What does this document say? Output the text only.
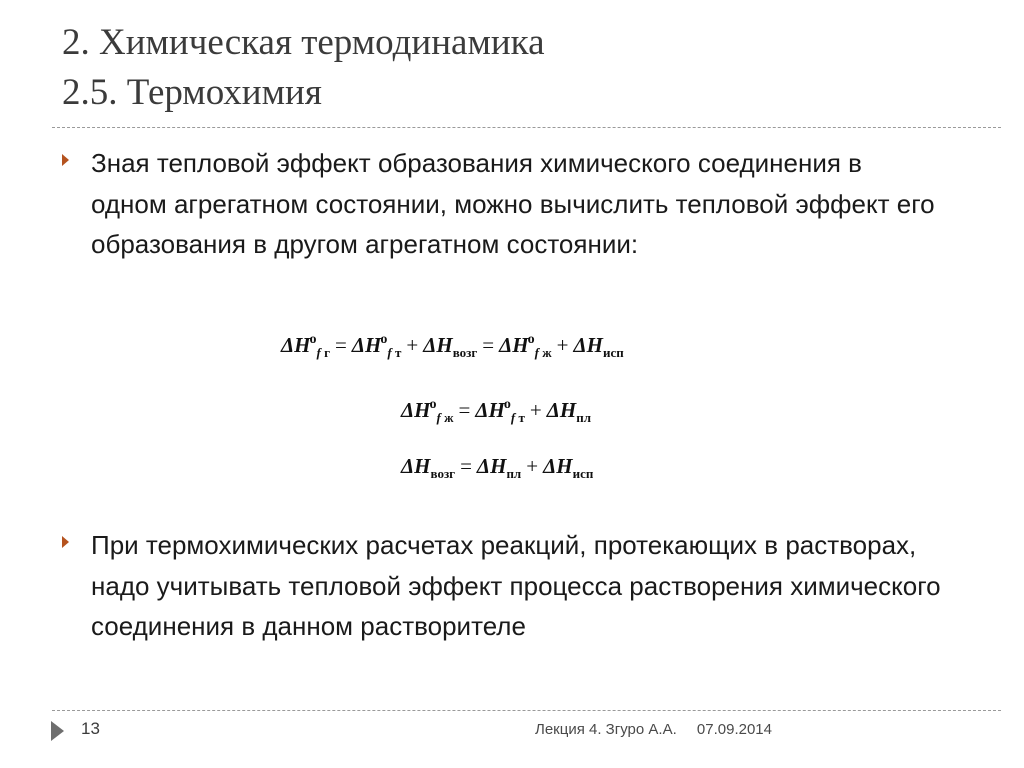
2. Химическая термодинамика
2.5. Термохимия

Зная тепловой эффект образования химического соединения в одном агрегатном состоянии, можно вычислить тепловой эффект его образования в другом агрегатном состоянии:

$\Delta H^o_{f г} = \Delta H^o_{f т} + \Delta H_{возг} = \Delta H^o_{f ж} + \Delta H_{исп}$
$\Delta H^o_{f ж} = \Delta H^o_{f т} + \Delta H_{пл}$
$\Delta H_{возг} = \Delta H_{пл} + \Delta H_{исп}$

При термохимических расчетах реакций, протекающих в растворах, надо учитывать тепловой эффект процесса растворения химического соединения в данном растворителе

13	Лекция 4. Згуро А.А. 07.09.2014
